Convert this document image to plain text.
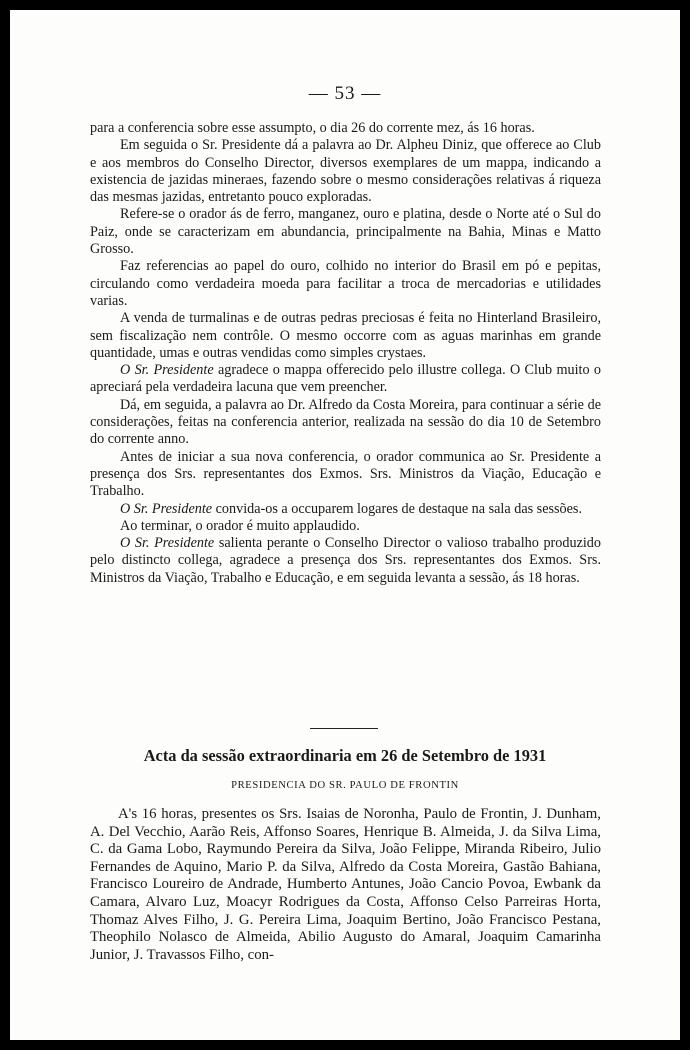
— 53 —

para a conferencia sobre esse assumpto, o dia 26 do corrente mez, ás 16 horas.

Em seguida o Sr. Presidente dá a palavra ao Dr. Alpheu Diniz, que offerece ao Club e aos membros do Conselho Director, diversos exemplares de um mappa, indicando a existencia de jazidas mineraes, fazendo sobre o mesmo considerações relativas á riqueza das mesmas jazidas, entretanto pouco exploradas.

Refere-se o orador ás de ferro, manganez, ouro e platina, desde o Norte até o Sul do Paiz, onde se caracterizam em abundancia, principalmente na Bahia, Minas e Matto Grosso.

Faz referencias ao papel do ouro, colhido no interior do Brasil em pó e pepitas, circulando como verdadeira moeda para facilitar a troca de mercadorias e utilidades varias.

A venda de turmalinas e de outras pedras preciosas é feita no Hinterland Brasileiro, sem fiscalização nem contrôle. O mesmo occorre com as aguas marinhas em grande quantidade, umas e outras vendidas como simples crystaes.

O Sr. Presidente agradece o mappa offerecido pelo illustre collega. O Club muito o apreciará pela verdadeira lacuna que vem preencher.

Dá, em seguida, a palavra ao Dr. Alfredo da Costa Moreira, para continuar a série de considerações, feitas na conferencia anterior, realizada na sessão do dia 10 de Setembro do corrente anno.

Antes de iniciar a sua nova conferencia, o orador communica ao Sr. Presidente a presença dos Srs. representantes dos Exmos. Srs. Ministros da Viação, Educação e Trabalho.

O Sr. Presidente convida-os a occuparem logares de destaque na sala das sessões.

Ao terminar, o orador é muito applaudido.

O Sr. Presidente salienta perante o Conselho Director o valioso trabalho produzido pelo distincto collega, agradece a presença dos Srs. representantes dos Exmos. Srs. Ministros da Viação, Trabalho e Educação, e em seguida levanta a sessão, ás 18 horas.

Acta da sessão extraordinaria em 26 de Setembro de 1931
PRESIDENCIA DO SR. PAULO DE FRONTIN

A's 16 horas, presentes os Srs. Isaias de Noronha, Paulo de Frontin, J. Dunham, A. Del Vecchio, Aarão Reis, Affonso Soares, Henrique B. Almeida, J. da Silva Lima, C. da Gama Lobo, Raymundo Pereira da Silva, João Felippe, Miranda Ribeiro, Julio Fernandes de Aquino, Mario P. da Silva, Alfredo da Costa Moreira, Gastão Bahiana, Francisco Loureiro de Andrade, Humberto Antunes, João Cancio Povoa, Ewbank da Camara, Alvaro Luz, Moacyr Rodrigues da Costa, Affonso Celso Parreiras Horta, Thomaz Alves Filho, J. G. Pereira Lima, Joaquim Bertino, João Francisco Pestana, Theophilo Nolasco de Almeida, Abilio Augusto do Amaral, Joaquim Camarinha Junior, J. Travassos Filho, con-
